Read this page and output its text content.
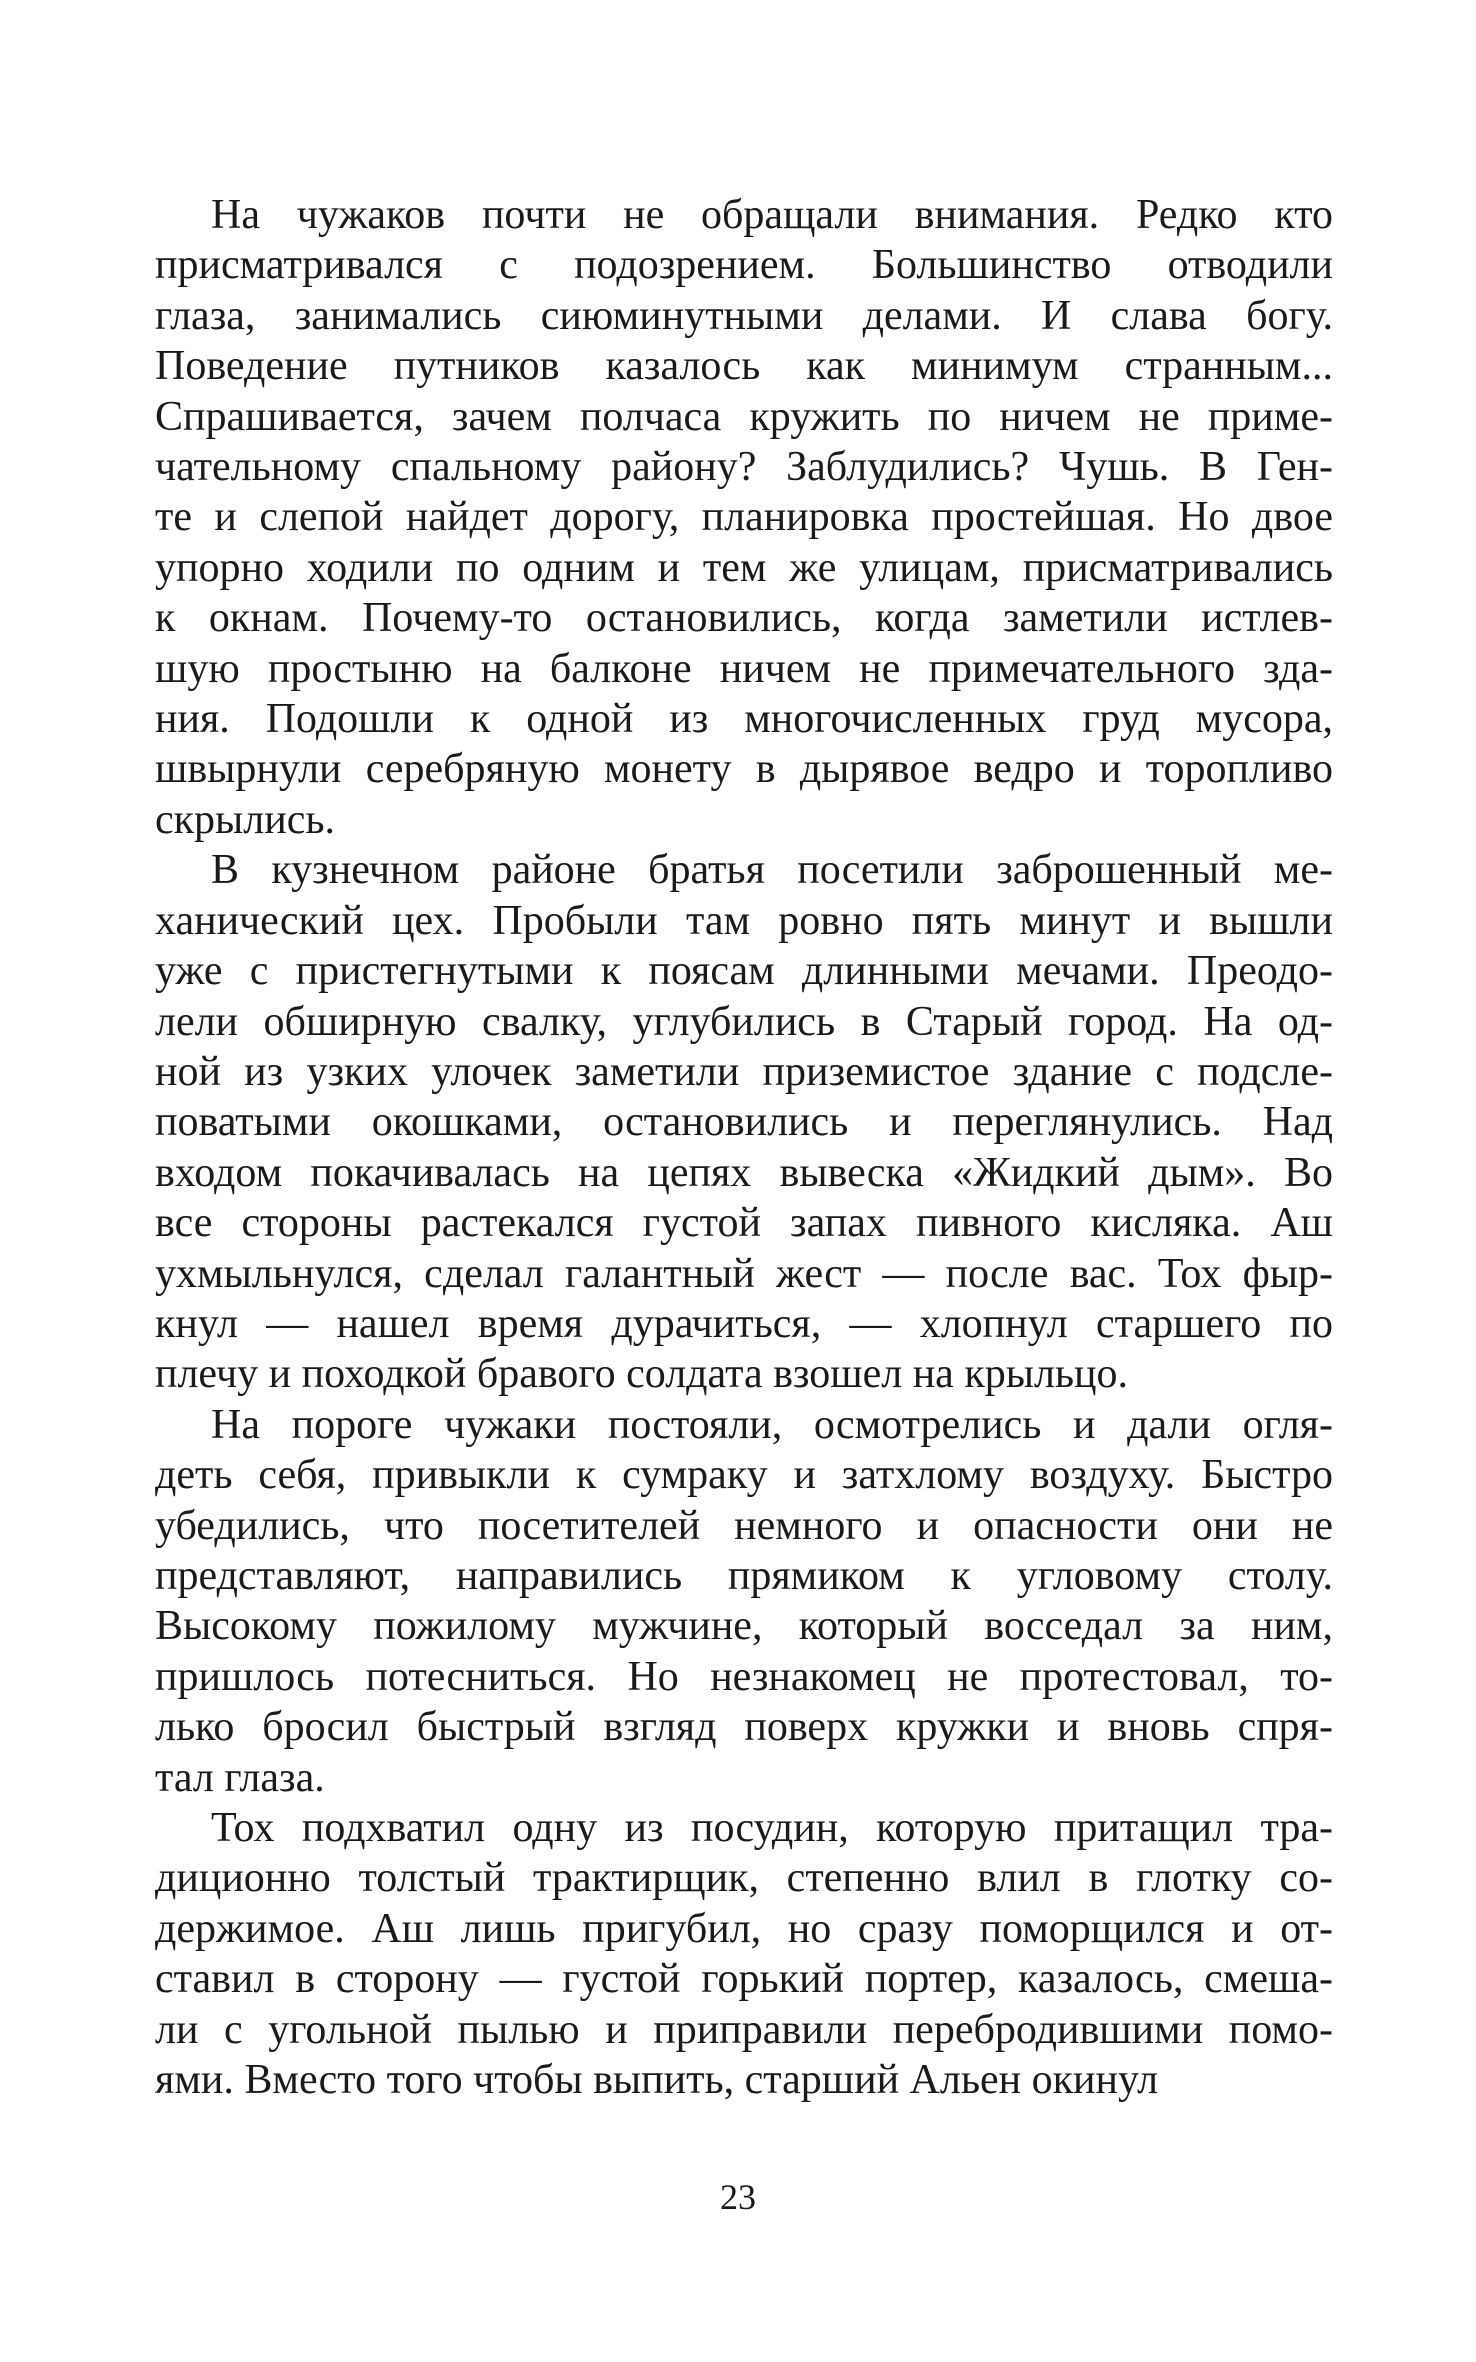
На чужаков почти не обращали внимания. Редко кто
присматривался с подозрением. Большинство отводили
глаза, занимались сиюминутными делами. И слава богу.
Поведение путников казалось как минимум странным...
Спрашивается, зачем полчаса кружить по ничем не приме-
чательному спальному району? Заблудились? Чушь. В Ген-
те и слепой найдет дорогу, планировка простейшая. Но двое
упорно ходили по одним и тем же улицам, присматривались
к окнам. Почему-то остановились, когда заметили истлев-
шую простыню на балконе ничем не примечательного зда-
ния. Подошли к одной из многочисленных груд мусора,
швырнули серебряную монету в дырявое ведро и торопливо
скрылись.
В кузнечном районе братья посетили заброшенный ме-
ханический цех. Пробыли там ровно пять минут и вышли
уже с пристегнутыми к поясам длинными мечами. Преодо-
лели обширную свалку, углубились в Старый город. На од-
ной из узких улочек заметили приземистое здание с подсле-
поватыми окошками, остановились и переглянулись. Над
входом покачивалась на цепях вывеска «Жидкий дым». Во
все стороны растекался густой запах пивного кисляка. Аш
ухмыльнулся, сделал галантный жест — после вас. Тох фыр-
кнул — нашел время дурачиться, — хлопнул старшего по
плечу и походкой бравого солдата взошел на крыльцо.
На пороге чужаки постояли, осмотрелись и дали огля-
деть себя, привыкли к сумраку и затхлому воздуху. Быстро
убедились, что посетителей немного и опасности они не
представляют, направились прямиком к угловому столу.
Высокому пожилому мужчине, который восседал за ним,
пришлось потесниться. Но незнакомец не протестовал, то-
лько бросил быстрый взгляд поверх кружки и вновь спря-
тал глаза.
Тох подхватил одну из посудин, которую притащил тра-
диционно толстый трактирщик, степенно влил в глотку со-
держимое. Аш лишь пригубил, но сразу поморщился и от-
ставил в сторону — густой горький портер, казалось, смеша-
ли с угольной пылью и приправили перебродившими помо-
ями. Вместо того чтобы выпить, старший Альен окинул
23
